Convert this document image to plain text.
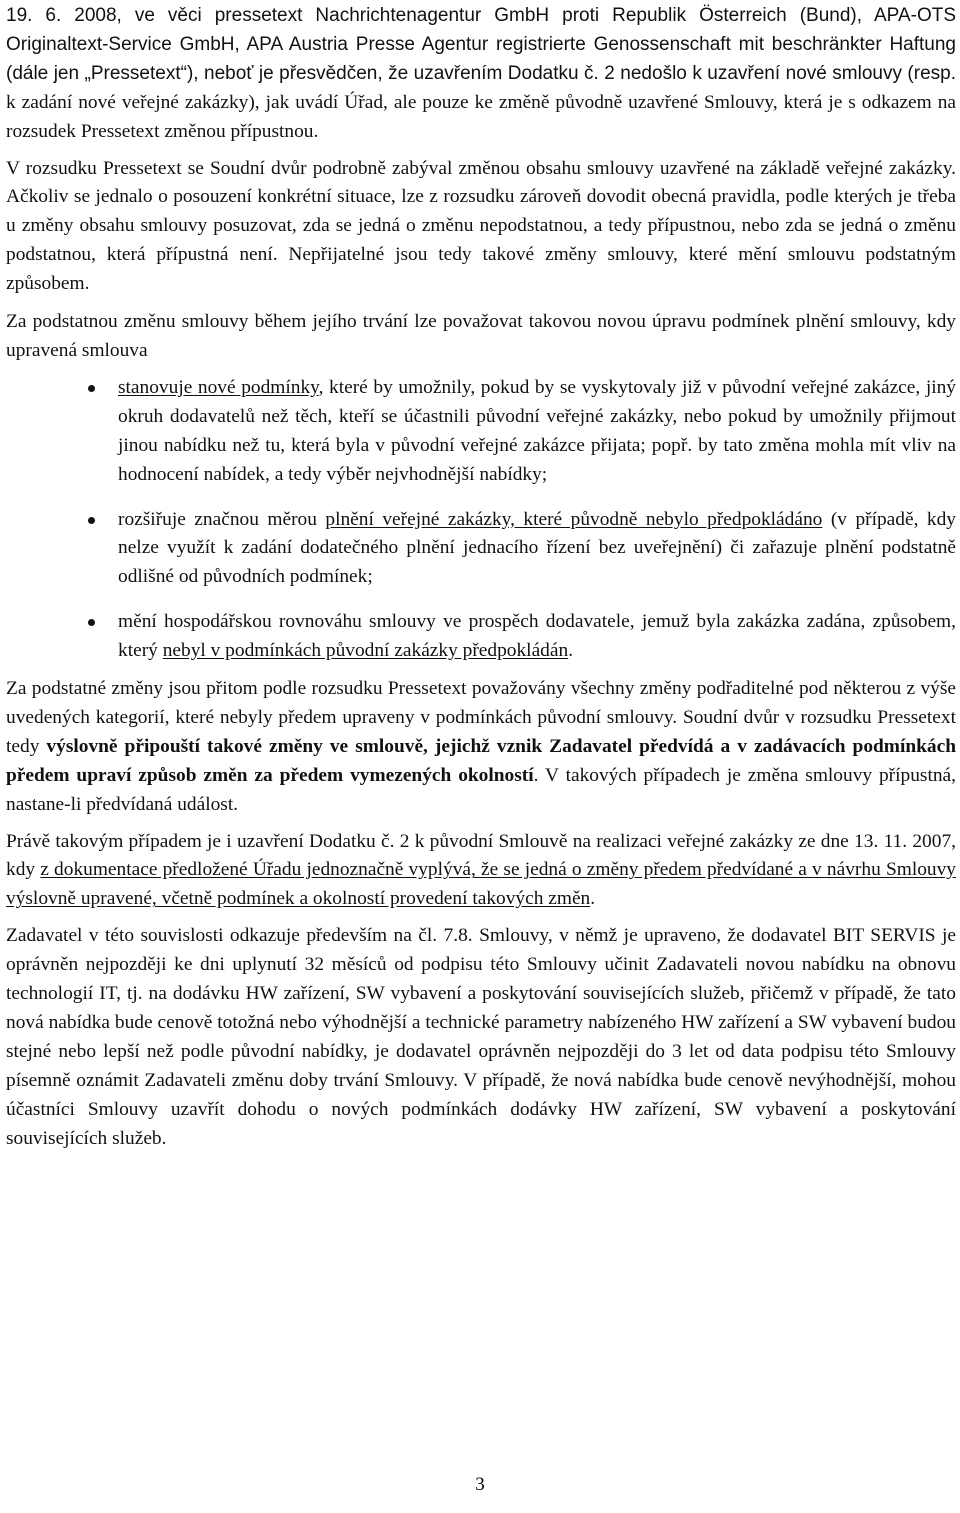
19. 6. 2008, ve věci pressetext Nachrichtenagentur GmbH proti Republik Österreich (Bund), APA-OTS Originaltext-Service GmbH, APA Austria Presse Agentur registrierte Genossenschaft mit beschränkter Haftung (dále jen „Pressetext“), neboť je přesvědčen, že uzavřením Dodatku č. 2 nedošlo k uzavření nové smlouvy (resp. k zadání nové veřejné zakázky), jak uvádí Úřad, ale pouze ke změně původně uzavřené Smlouvy, která je s odkazem na rozsudek Pressetext změnou přípustnou.

V rozsudku Pressetext se Soudní dvůr podrobně zabýval změnou obsahu smlouvy uzavřené na základě veřejné zakázky. Ačkoliv se jednalo o posouzení konkrétní situace, lze z rozsudku zároveň dovodit obecná pravidla, podle kterých je třeba u změny obsahu smlouvy posuzovat, zda se jedná o změnu nepodstatnou, a tedy přípustnou, nebo zda se jedná o změnu podstatnou, která přípustná není. Nepřijatelné jsou tedy takové změny smlouvy, které mění smlouvu podstatným způsobem.

Za podstatnou změnu smlouvy během jejího trvání lze považovat takovou novou úpravu podmínek plnění smlouvy, kdy upravená smlouva

stanovuje nové podmínky, které by umožnily, pokud by se vyskytovaly již v původní veřejné zakázce, jiný okruh dodavatelů než těch, kteří se účastnili původní veřejné zakázky, nebo pokud by umožnily přijmout jinou nabídku než tu, která byla v původní veřejné zakázce přijata; popř. by tato změna mohla mít vliv na hodnocení nabídek, a tedy výběr nejvhodnější nabídky;
rozšiřuje značnou měrou plnění veřejné zakázky, které původně nebylo předpokládáno (v případě, kdy nelze využít k zadání dodatečného plnění jednacího řízení bez uveřejnění) či zařazuje plnění podstatně odlišné od původních podmínek;
mění hospodářskou rovnováhu smlouvy ve prospěch dodavatele, jemuž byla zakázka zadána, způsobem, který nebyl v podmínkách původní zakázky předpokládán.

Za podstatné změny jsou přitom podle rozsudku Pressetext považovány všechny změny podřaditelné pod některou z výše uvedených kategorií, které nebyly předem upraveny v podmínkách původní smlouvy. Soudní dvůr v rozsudku Pressetext tedy výslovně připouští takové změny ve smlouvě, jejichž vznik Zadavatel předvídá a v zadávacích podmínkách předem upraví způsob změn za předem vymezených okolností. V takových případech je změna smlouvy přípustná, nastane-li předvídaná událost.

Právě takovým případem je i uzavření Dodatku č. 2 k původní Smlouvě na realizaci veřejné zakázky ze dne 13. 11. 2007, kdy z dokumentace předložené Úřadu jednoznačně vyplývá, že se jedná o změny předem předvídané a v návrhu Smlouvy výslovně upravené, včetně podmínek a okolností provedení takových změn.

Zadavatel v této souvislosti odkazuje především na čl. 7.8. Smlouvy, v němž je upraveno, že dodavatel BIT SERVIS je oprávněn nejpozději ke dni uplynutí 32 měsíců od podpisu této Smlouvy učinit Zadavateli novou nabídku na obnovu technologií IT, tj. na dodávku HW zařízení, SW vybavení a poskytování souvisejících služeb, přičemž v případě, že tato nová nabídka bude cenově totožná nebo výhodnější a technické parametry nabízeného HW zařízení a SW vybavení budou stejné nebo lepší než podle původní nabídky, je dodavatel oprávněn nejpozději do 3 let od data podpisu této Smlouvy písemně oznámit Zadavateli změnu doby trvání Smlouvy. V případě, že nová nabídka bude cenově nevýhodnější, mohou účastníci Smlouvy uzavřít dohodu o nových podmínkách dodávky HW zařízení, SW vybavení a poskytování souvisejících služeb.

3
